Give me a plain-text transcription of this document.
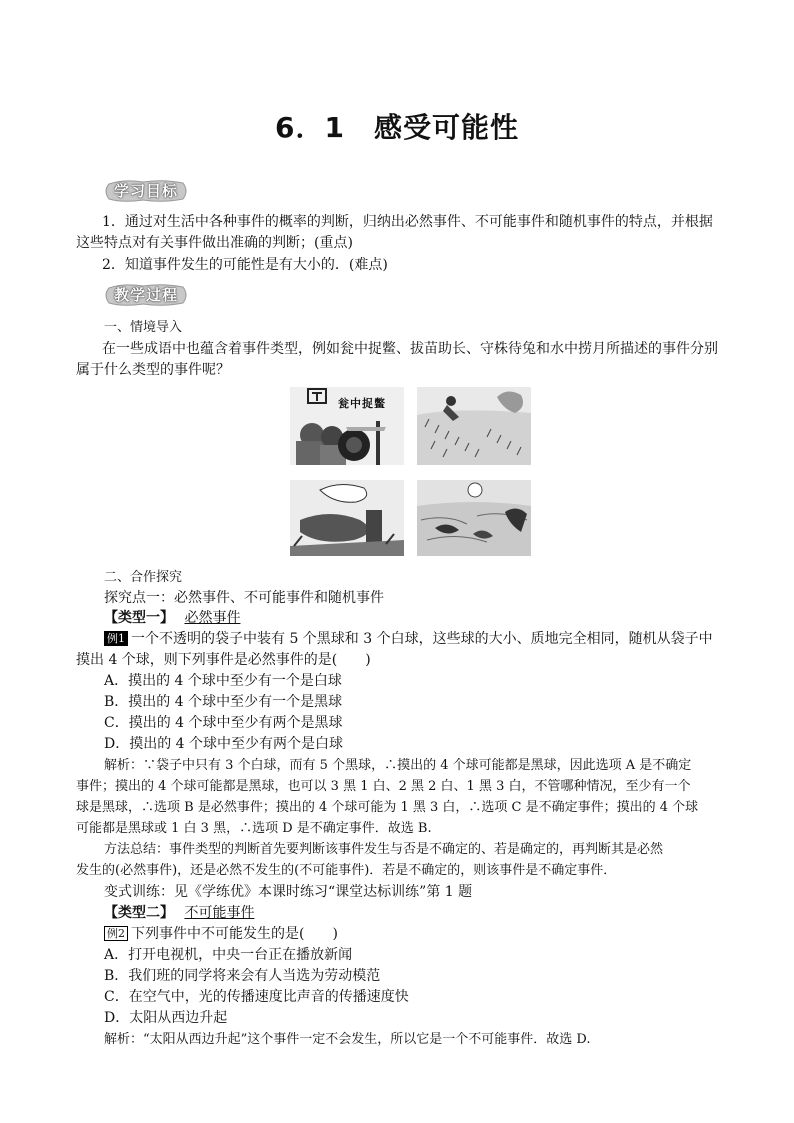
6．1　感受可能性
学习目标
1．通过对生活中各种事件的概率的判断，归纳出必然事件、不可能事件和随机事件的特点，并根据
这些特点对有关事件做出准确的判断；(重点)
2．知道事件发生的可能性是有大小的．(难点)
教学过程
一、情境导入
在一些成语中也蕴含着事件类型，例如瓮中捉鳖、拔苗助长、守株待兔和水中捞月所描述的事件分别
属于什么类型的事件呢？
瓮中捉鳖
二、合作探究
探究点一：必然事件、不可能事件和随机事件
【类型一】 必然事件
例1 一个不透明的袋子中装有 5 个黑球和 3 个白球，这些球的大小、质地完全相同，随机从袋子中
摸出 4 个球，则下列事件是必然事件的是(　　)
A．摸出的 4 个球中至少有一个是白球
B．摸出的 4 个球中至少有一个是黑球
C．摸出的 4 个球中至少有两个是黑球
D．摸出的 4 个球中至少有两个是白球
解析：∵袋子中只有 3 个白球，而有 5 个黑球，∴摸出的 4 个球可能都是黑球，因此选项 A 是不确定
事件；摸出的 4 个球可能都是黑球，也可以 3 黑 1 白、2 黑 2 白、1 黑 3 白，不管哪种情况，至少有一个
球是黑球，∴选项 B 是必然事件；摸出的 4 个球可能为 1 黑 3 白，∴选项 C 是不确定事件；摸出的 4 个球
可能都是黑球或 1 白 3 黑，∴选项 D 是不确定事件．故选 B.
方法总结：事件类型的判断首先要判断该事件发生与否是不确定的、若是确定的，再判断其是必然
发生的(必然事件)，还是必然不发生的(不可能事件)．若是不确定的，则该事件是不确定事件．
变式训练：见《学练优》本课时练习“课堂达标训练”第 1 题
【类型二】 不可能事件
例2 下列事件中不可能发生的是(　　)
A．打开电视机，中央一台正在播放新闻
B．我们班的同学将来会有人当选为劳动模范
C．在空气中，光的传播速度比声音的传播速度快
D．太阳从西边升起
解析：“太阳从西边升起”这个事件一定不会发生，所以它是一个不可能事件．故选 D.
